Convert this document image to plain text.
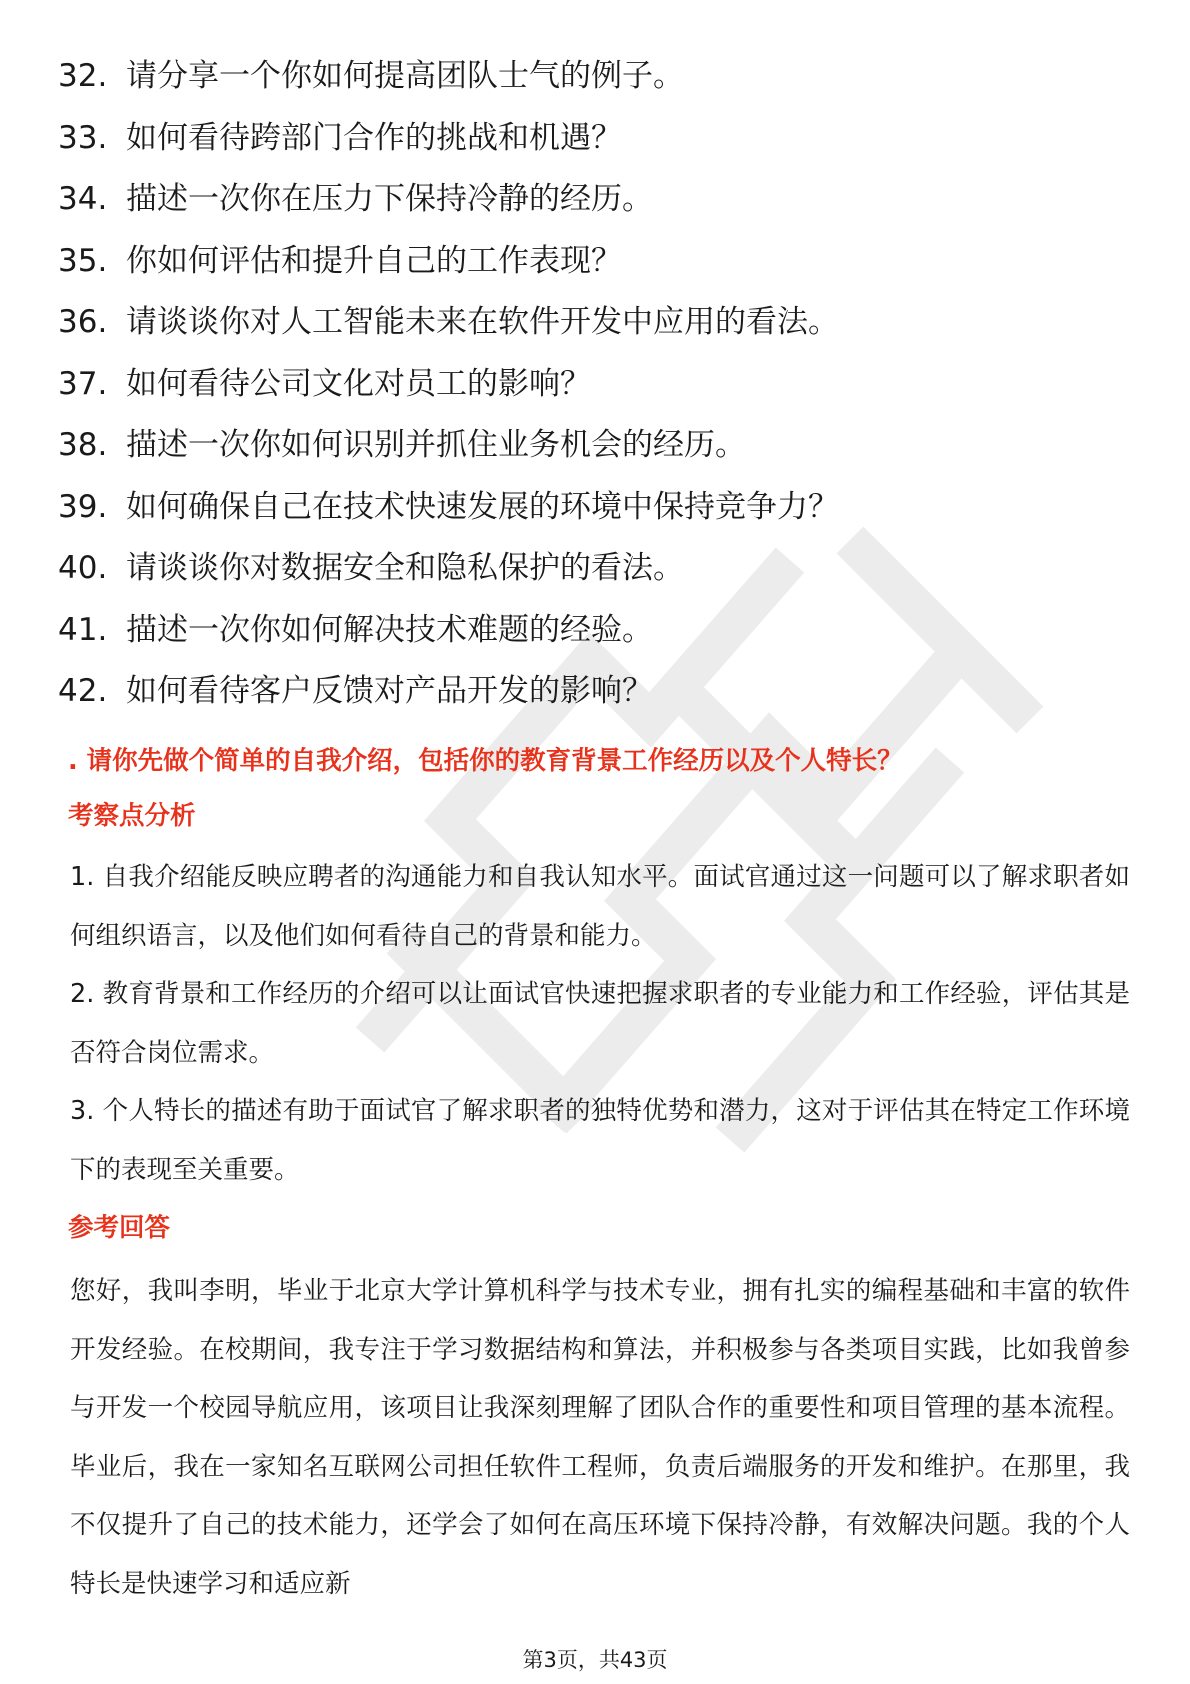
32. 请分享一个你如何提高团队士气的例子。
33. 如何看待跨部门合作的挑战和机遇？
34. 描述一次你在压力下保持冷静的经历。
35. 你如何评估和提升自己的工作表现？
36. 请谈谈你对人工智能未来在软件开发中应用的看法。
37. 如何看待公司文化对员工的影响？
38. 描述一次你如何识别并抓住业务机会的经历。
39. 如何确保自己在技术快速发展的环境中保持竞争力？
40. 请谈谈你对数据安全和隐私保护的看法。
41. 描述一次你如何解决技术难题的经验。
42. 如何看待客户反馈对产品开发的影响？
. 请你先做个简单的自我介绍，包括你的教育背景工作经历以及个人特长？
考察点分析

1. 自我介绍能反映应聘者的沟通能力和自我认知水平。面试官通过这一问题可以了解求职者如何组织语言，以及他们如何看待自己的背景和能力。

2. 教育背景和工作经历的介绍可以让面试官快速把握求职者的专业能力和工作经验，评估其是否符合岗位需求。

3. 个人特长的描述有助于面试官了解求职者的独特优势和潜力，这对于评估其在特定工作环境下的表现至关重要。

参考回答

您好，我叫李明，毕业于北京大学计算机科学与技术专业，拥有扎实的编程基础和丰富的软件开发经验。在校期间，我专注于学习数据结构和算法，并积极参与各类项目实践，比如我曾参与开发一个校园导航应用，该项目让我深刻理解了团队合作的重要性和项目管理的基本流程。毕业后，我在一家知名互联网公司担任软件工程师，负责后端服务的开发和维护。在那里，我不仅提升了自己的技术能力，还学会了如何在高压环境下保持冷静，有效解决问题。我的个人特长是快速学习和适应新

第3页，共43页
